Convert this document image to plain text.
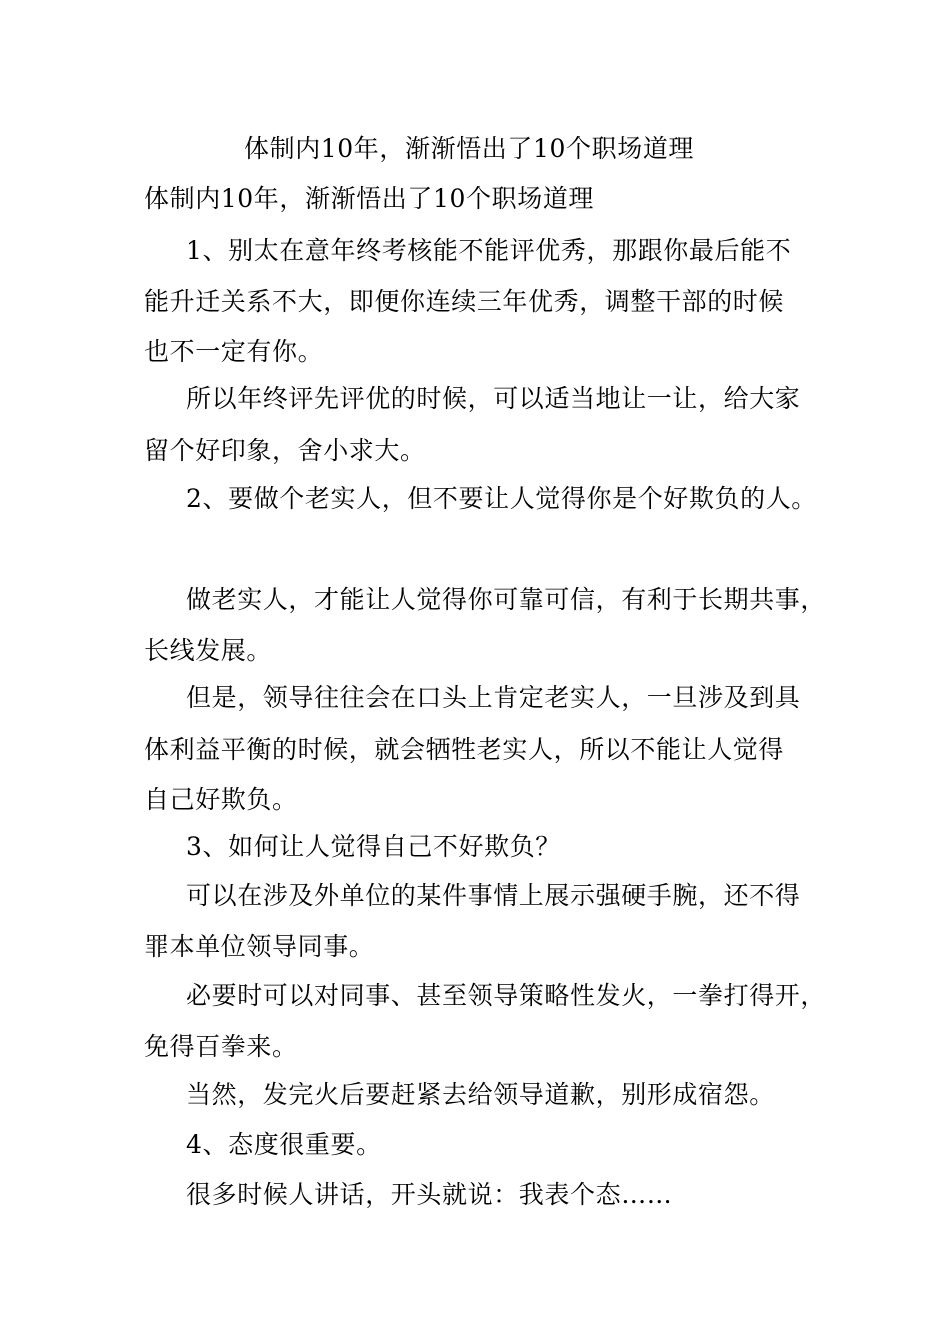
体制内10年，渐渐悟出了10个职场道理
体制内10年，渐渐悟出了10个职场道理
1、别太在意年终考核能不能评优秀，那跟你最后能不
能升迁关系不大，即便你连续三年优秀，调整干部的时候
也不一定有你。
所以年终评先评优的时候，可以适当地让一让，给大家
留个好印象，舍小求大。
2、要做个老实人，但不要让人觉得你是个好欺负的人。
做老实人，才能让人觉得你可靠可信，有利于长期共事，
长线发展。
但是，领导往往会在口头上肯定老实人，一旦涉及到具
体利益平衡的时候，就会牺牲老实人，所以不能让人觉得
自己好欺负。
3、如何让人觉得自己不好欺负？
可以在涉及外单位的某件事情上展示强硬手腕，还不得
罪本单位领导同事。
必要时可以对同事、甚至领导策略性发火，一拳打得开，
免得百拳来。
当然，发完火后要赶紧去给领导道歉，别形成宿怨。
4、态度很重要。
很多时候人讲话，开头就说：我表个态……
